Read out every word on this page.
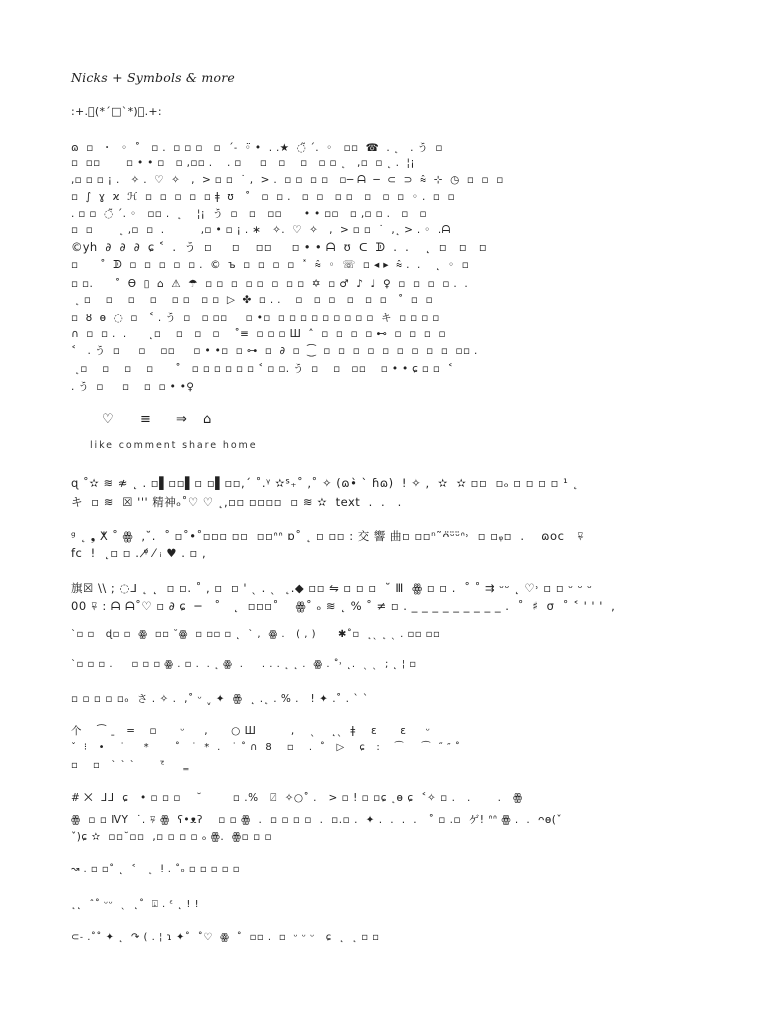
Nicks + Symbols & more
:+.ﾟ(*´□`*)ﾟ.+:
ɷ  ▫   ･   ◦  ˚   ▫ .  ▫ ▫ ▫   ▫  ˊ˗  ◦̈ •  . .★  ◌̃ ˊ.  ◦   ▫▫  ☎  . ˛   . う  ▫
▫  ▫▫       ▫ • • ▫   ▫ ,▫▫ .    . ▫     ▫   ▫    ▫   ▫ ▫ ˛   ,▫  ▫ ˛ .  ¦¡
,▫ ▫ ▫ ¡ .   ✧ .  ♡  ✧   ,  > ▫ ▫  ˙ ,  > .  ▫ ▫  ▫ ▫   ▫─ ᗩ  ─  ⊂  ⊃  ⩯  ⊹  ◷  ▫  ▫  ▫
▫  ∫  ɣ  ϰ  ℋ  ▫  ▫  ▫  ▫  ▫ ǂ  ʊ   ˚   ▫  ▫ .   ▫  ▫   ▫ ▫   ▫   ▫  ▫  ◦ .  ▫  ▫
. ▫ ▫  ◌̃ ˊ. ◦   ▫▫ .  ˛    ¦¡  う  ▫   ▫   ▫▫      • • ▫▫   ▫ ,▫ ▫ .   ▫   ▫
▫  ▫       ˛ ,▫  ▫  .          ,▫ • ▫ ¡ . ∗   ✧.  ♡  ✧   ,  > ▫ ▫  ˙  ,˛ > . ◦  .ᗩ
©yh  ∂  ∂  ∂  ɕ ˂  .  う  ▫     ▫    ▫▫     ▫ • • ᗩ  ʊ  ᑕ  ᗫ  .  .    ˛  ▫   ▫   ▫
▫      ˚  ᗫ  ▫  ▫  ▫  ▫  ▫ .  ©  ъ  ▫  ▫  ▫  ▫  ˟  ⩯  ◦  ☏  ▫ ◂ ▸  ⩯ .  .    ˛  ◦  ▫
▫ ▫.      ˚  Ɵ  ▯  ⌂  ⚠  ☂  ▫ ▫  ▫  ▫ ▫  ▫  ▫ ▫  ✡  ▫ ♂  ♪  ♩  ♀  ▫  ▫  ▫  ▫ .  .
˛ ▫    ▫    ▫    ▫    ▫ ▫   ▫ ▫  ▷  ✤  ▫ . .    ▫   ▫  ▫   ▫   ▫  ▫   ˚  ▫  ▫
▫  ȣ  ɵ  ◌  ▫   ˂ . う  ▫   ▫ ▫▫     ▫ •▫  ▫ ▫ ▫ ▫ ▫ ▫ ▫ ▫ ▫  キ  ▫ ▫ ▫ ▫
∩  ▫  ▫ .  .      ˛▫    ▫   ▫   ▫    ˚≡  ▫ ▫ ▫ Ш  ˄  ▫  ▫  ▫  ▫ ⊷  ▫  ▫  ▫  ▫
˂   . う  ▫     ▫    ▫▫     ▫ • •▫  ▫ ⊶  ▫  ∂  ▫  ⁐  ▫  ▫  ▫  ▫  ▫  ▫  ▫  ▫  ▫  ▫▫ .
˛▫    ▫    ▫    ▫      ˚   ▫ ▫ ▫ ▫ ▫ ▫ ˂ ▫ ▫. う  ▫    ▫   ▫▫    ▫ • • ɕ ▫ ▫  ˂
. う  ▫     ▫    ▫  ▫ • •♀
♡ ≡ ⇒ ⌂
like comment share home
ɋ ˚✫ ≋ ≉ ˛ . ▫▌▫▫▌▫ ▫▌▫▫,ˊ ˚.ᵞ ✫ᔆ₊˚ ,˚ ✧ (ɷ•̀ ˋ ɦɷ)  ! ✧ ,  ✫  ✫ ▫▫  ▫ₒ ▫ ▫ ▫ ▫ ¹ ˛
キ  ▫ ≋  ☒ ''' 精神ₒ˚♡ ♡ ˛,▫▫ ▫▫▫▫  ▫ ≋ ✫  text  .  .   .
ᵍ ˛ ❟ ⵅ ˚ ꙮ  ,˘.  ˚ ▫˚•˚▫▫▫ ▫▫  ▫▫ᐢᐢ ɒ˚ ˛ ▫ ▫▫ : 交 響 曲▫ ▫▫ⁿ˜ᴖ̈ᵕ̈ᵕ̈ᐢ˒  ▫ ▫ᵩ▫  .    ɷoc   ⍫
fc  !  ˛▫ ▫ . ᵠ̸ ⁄ ᵢ ♥ . ▫ ,
旗☒ \\ ; ◌ᒧ ˛ ˛  ▫ ▫. ˚ , ▫  ▫ ' ˎ . ˎ  ˛.◆ ▫▫ ⇋ ▫ ▫ ▫  ˘ Ⅲ  ꙮ ▫ ▫ .  ˚ ˚ ⇉ ᵕᵕ ˛ ♡˒ ▫ ▫ ᵕ ᵕ ᵕ
00 ⍫ : ᗩ ᗩ˚♡ ▫ ∂ ɕ  ─   ˚   ˛  ▫▫▫˚    ꙮ˚ ₒ ≋ ˛ % ˚ ≠ ▫ . _ _ _ _ _ _ _ _ _ .  ˚  ♯  σ  ˚ ˂ ' ' '  ,
ˋ▫ ▫   ɖ▫ ▫  ꙮ  ▫▫ ˘ꙮ  ▫ ▫▫ ▫ ˛  ˋ ,  ꙮ .   ( , )      ✱˚▫  ˛ˎ ˛ ˎ . ▫▫ ▫▫
ˋ▫ ▫ ▫ .     ▫ ▫ ▫ ꙮ . ▫ .  . ˛ ꙮ  .     . . . ˛ ˛ .  ꙮ . ˚˒ ˛.  ˎ ˎ  ; ˛ ¦ ▫
▫ ▫ ▫ ▫ ▫ₒ  さ . ✧ .  ,˚ ᵕ ˬ ✦  ꙮ  ˛ .˛ . % .   ! ✦ .˚ . ˋ ˋ
个    ⁀ ˍ   ═    ▫      ᵕ     ,      ○ Ш         ,    ˎ    ˛ˎ  ǂ    ε      ɛ     ᵕ
ˇ  ⁝   •    ˙     *       ˚   ˙  *  .   ˙ ˚ ∩  8    ▫    .  ˚   ▷    ɕ   :    ⁀     ⁀  ˝ ″ ˚
▫    ▫   ˋ ˋ ˋ       ᵋ̈     ‗
# ⨉  ᒧᒧ  ɕ   • ▫ ▫ ▫    ˘        ▫ .%   ⍁  ✧○˚ .   > ▫ ! ▫ ▫ɕ ˛ɵ ɕ  ˂✧ ▫ .   .       .   ꙮ
ꙮ  ▫ ▫ ⅣΥ  ˙. ⍫ ꙮ  ʕ•ᴥʔ    ▫ ▫ ꙮ  .  ▫ ▫ ▫ ▫  .  ▫.▫ .  ✦ .  .  .  .   ˚ ▫ .▫  ゲ! ᐢᐢ ꙮ .  .  ᴖɵ(ˇ
ˇ)ɕ ✫  ▫▫˘▫▫  ,▫ ▫ ▫ ▫ ₒ ꙮ.  ꙮ▫ ▫ ▫
↝ . ▫ ▫˚ ˛  ˂   ˛  ⵑ . ˚ₒ ▫ ▫ ▫ ▫ ▫
˛˛  ˆ˚ ᵕᵕ  ˎ  ˛˚  ⍗ . ᵋ ˛ ! !
⊂˗ .˚˚ ✦ ˛  ↷ ( . ¦ ɿ ✦˚  ˚♡  ꙮ  ˚  ▫▫ .  ▫  ᵕ ᵕ ᵕ   ɕ  ˛  ˛ ▫ ▫
